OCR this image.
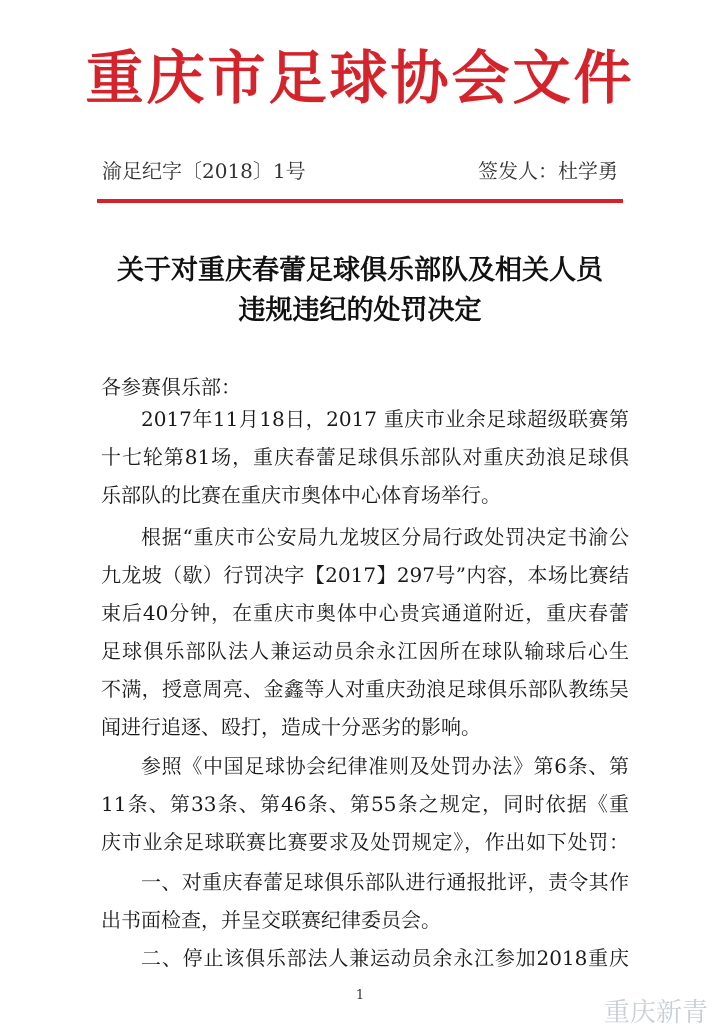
重庆市足球协会文件
渝足纪字〔2018〕1号	签发人：杜学勇
关于对重庆春蕾足球俱乐部队及相关人员
违规违纪的处罚决定
各参赛俱乐部：
2017年11月18日，2017 重庆市业余足球超级联赛第
十七轮第81场，重庆春蕾足球俱乐部队对重庆劲浪足球俱
乐部队的比赛在重庆市奥体中心体育场举行。
根据“重庆市公安局九龙坡区分局行政处罚决定书渝公
九龙坡（歇）行罚决字【2017】297号”内容，本场比赛结
束后40分钟，在重庆市奥体中心贵宾通道附近，重庆春蕾
足球俱乐部队法人兼运动员余永江因所在球队输球后心生
不满，授意周亮、金鑫等人对重庆劲浪足球俱乐部队教练吴
闻进行追逐、殴打，造成十分恶劣的影响。
参照《中国足球协会纪律准则及处罚办法》第6条、第
11条、第33条、第46条、第55条之规定，同时依据《重
庆市业余足球联赛比赛要求及处罚规定》，作出如下处罚：
一、对重庆春蕾足球俱乐部队进行通报批评，责令其作
出书面检查，并呈交联赛纪律委员会。
二、停止该俱乐部法人兼运动员余永江参加2018重庆
1
重庆新青
